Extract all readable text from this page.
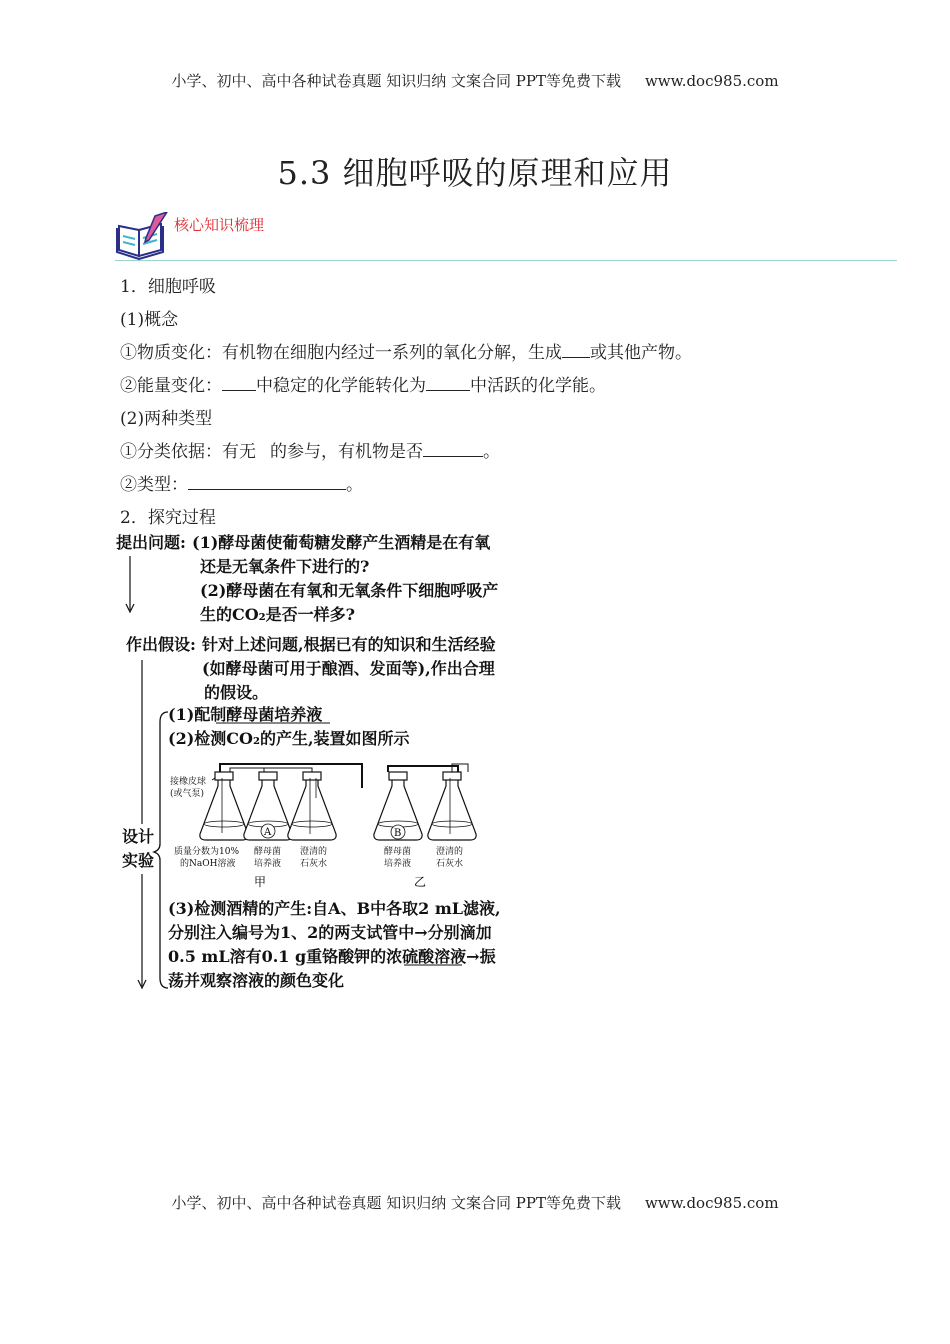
小学、初中、高中各种试卷真题 知识归纳 文案合同 PPT等免费下载 www.doc985.com
5.3 细胞呼吸的原理和应用
核心知识梳理
1．细胞呼吸
(1)概念
①物质变化：有机物在细胞内经过一系列的氧化分解，生成 或其他产物。
②能量变化： 中稳定的化学能转化为	中活跃的化学能。
(2)两种类型
①分类依据：有无 的参与，有机物是否	。
②类型：	。
2．探究过程
提出问题: (1)酵母菌使葡萄糖发酵产生酒精是在有氧
还是无氧条件下进行的?
(2)酵母菌在有氧和无氧条件下细胞呼吸产
生的CO₂是否一样多?
作出假设: 针对上述问题,根据已有的知识和生活经验
(如酵母菌可用于酿酒、发面等),作出合理
的假设。
设计
实验
(1)配制酵母菌培养液
(2)检测CO₂的产生,装置如图所示
接橡皮球
(或气泵)
A
质量分数为10%
的NaOH溶液
酵母菌
培养液
澄清的
石灰水
甲
B
酵母菌
培养液
澄清的
石灰水
乙
(3)检测酒精的产生:自A、B中各取2 mL滤液,
分别注入编号为1、2的两支试管中→分别滴加
0.5 mL溶有0.1 g重铬酸钾的浓硫酸溶液→振
荡并观察溶液的颜色变化
小学、初中、高中各种试卷真题 知识归纳 文案合同 PPT等免费下载 www.doc985.com
